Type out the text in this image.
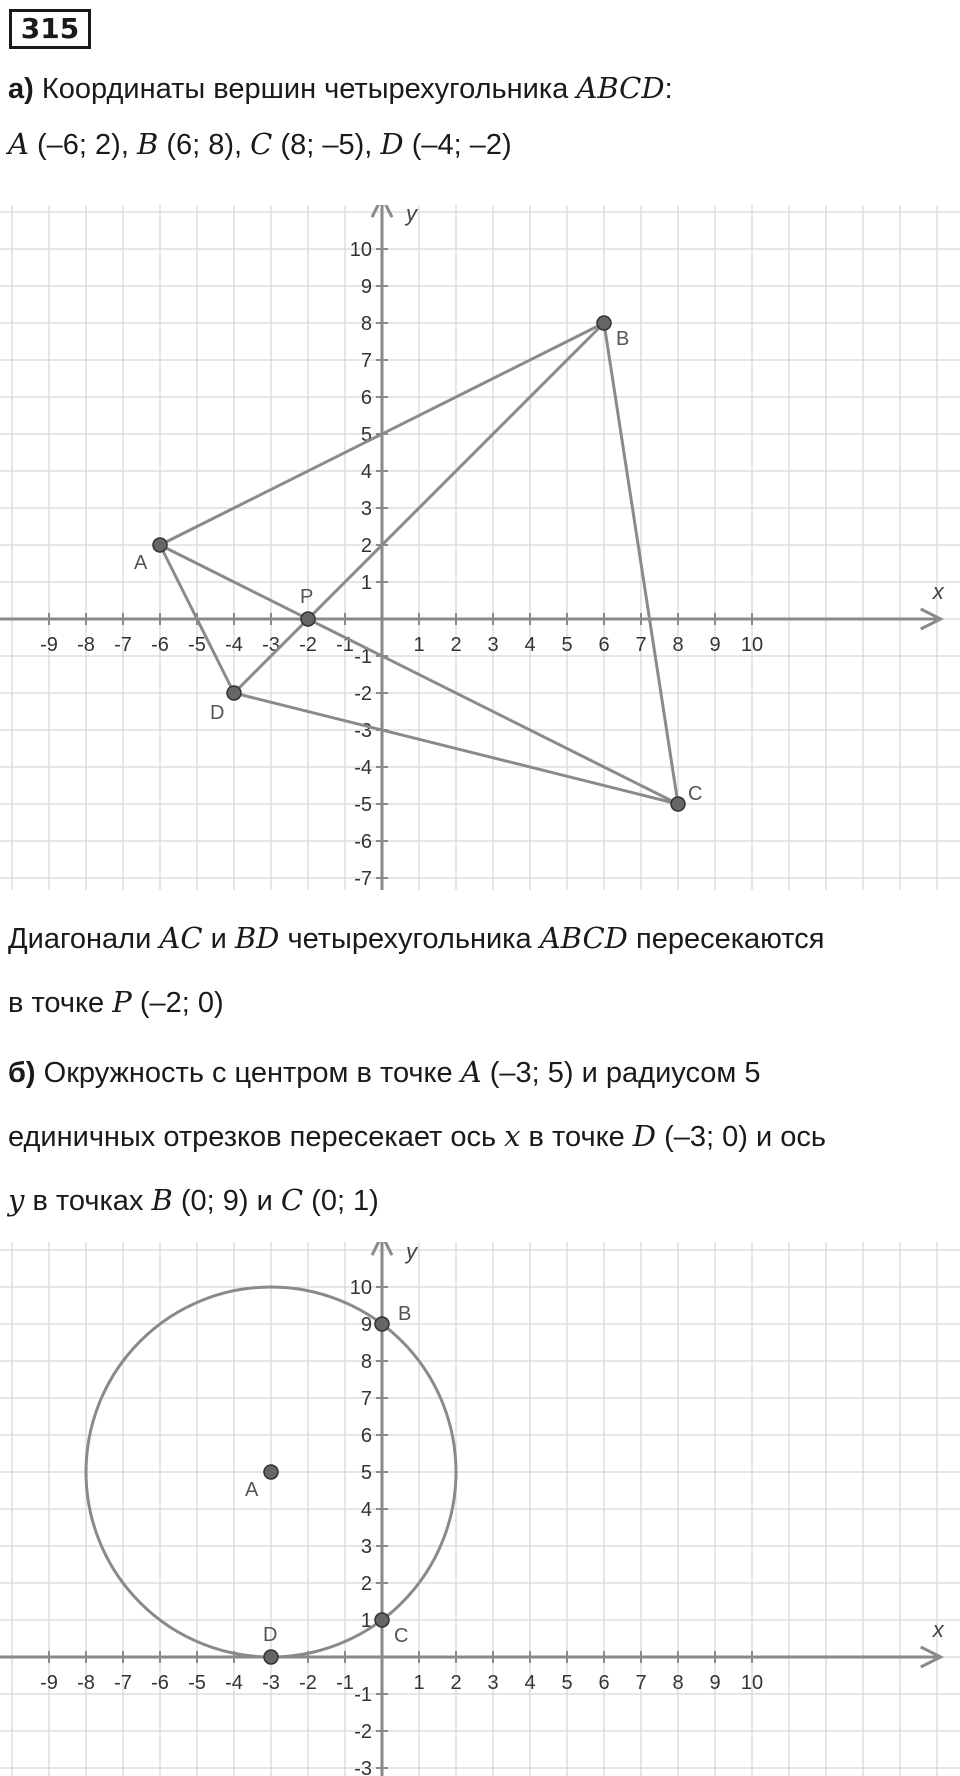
315
а) Координаты вершин четырехугольника ABCD:
A (–6; 2), B (6; 8), C (8; –5), D (–4; –2)
x
y
-9 -8 -7 -6 -5 -4 -3 -2 -1	1 2 3 4 5 6 7 8 9 10
-7
-6
-5
-4
-3
-2
-1
1
2
3
4
5
6
7
8
9
10
A
B
C
D
P
Диагонали AC и BD четырехугольника ABCD пересекаются
в точке P (–2; 0)
б) Окружность с центром в точке A (–3; 5) и радиусом 5
единичных отрезков пересекает ось x в точке D (–3; 0) и ось
y в точках B (0; 9) и C (0; 1)
x
y
-9 -8 -7 -6 -5 -4 -3 -2 -1	1 2 3 4 5 6 7 8 9 10
-3
-2
-1
1
2
3
4
5
6
7
8
9
10
A
B
C
D
